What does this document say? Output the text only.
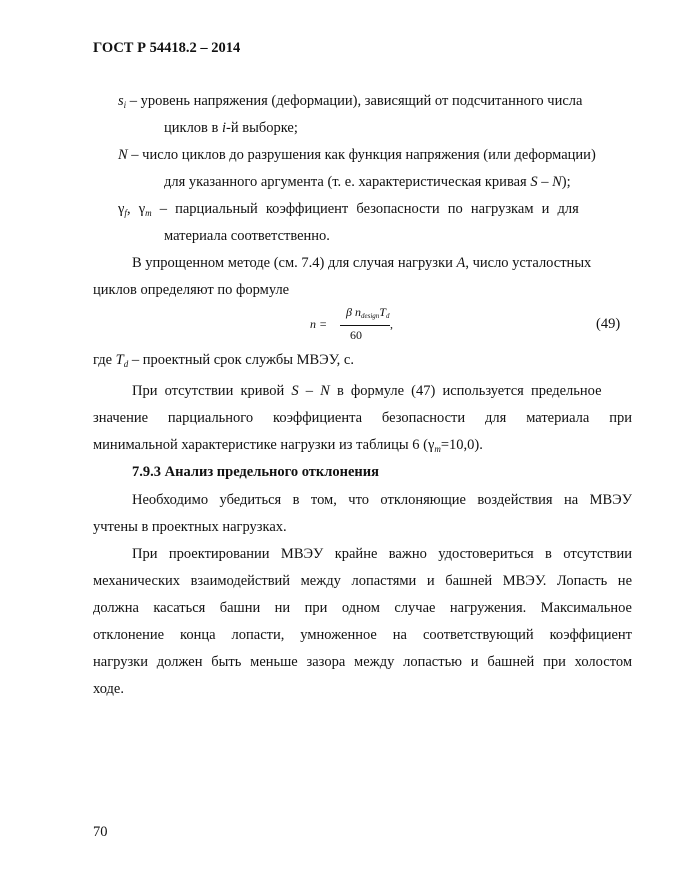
ГОСТ Р 54418.2 – 2014
$s_i$ – уровень напряжения (деформации), зависящий от подсчитанного числа
циклов в i-й выборке;
N – число циклов до разрушения как функция напряжения (или деформации)
для указанного аргумента (т. е. характеристическая кривая S – N);
$\gamma_f$, $\gamma_m$ – парциальный коэффициент безопасности по нагрузкам и для
материала соответственно.
В упрощенном методе (см. 7.4) для случая нагрузки A, число усталостных
циклов определяют по формуле
n =
β ndesignTd
60
,	(49)
где $T_d$ – проектный срок службы МВЭУ, с.
При отсутствии кривой S – N в формуле (47) используется предельное
значение парциального коэффициента безопасности для материала при
минимальной характеристике нагрузки из таблицы 6 $(\gamma_m=10,0)$.
7.9.3 Анализ предельного отклонения
Необходимо убедиться в том, что отклоняющие воздействия на МВЭУ
учтены в проектных нагрузках.
При проектировании МВЭУ крайне важно удостовериться в отсутствии
механических взаимодействий между лопастями и башней МВЭУ. Лопасть не
должна касаться башни ни при одном случае нагружения. Максимальное
отклонение конца лопасти, умноженное на соответствующий коэффициент
нагрузки должен быть меньше зазора между лопастью и башней при холостом
ходе.
70
